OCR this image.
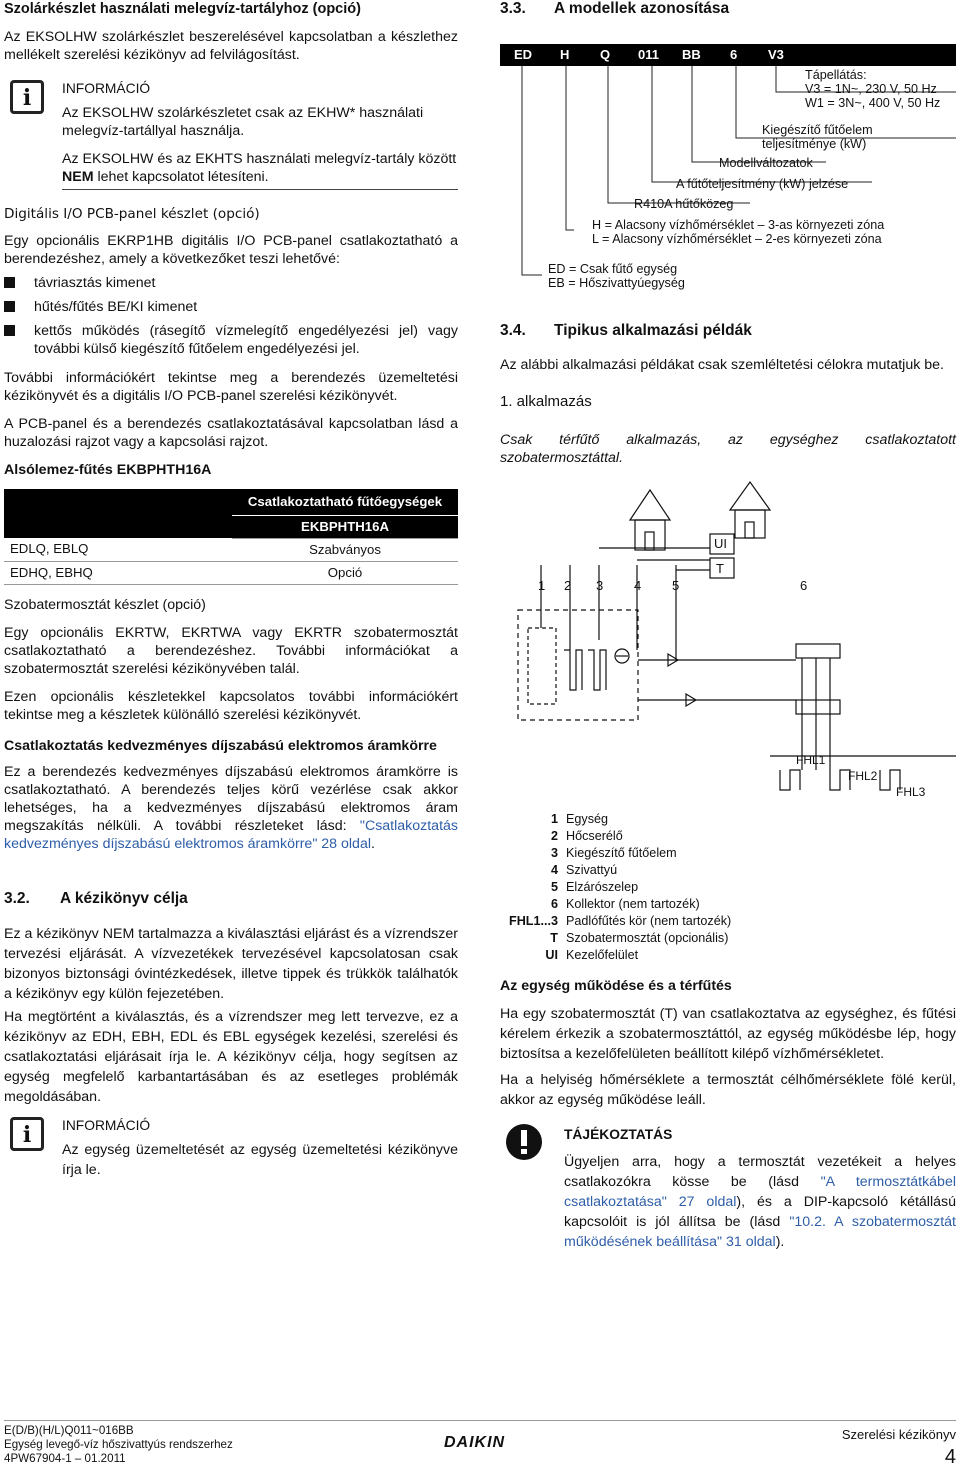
Szolárkészlet használati melegvíz-tartályhoz (opció)
Az EKSOLHW szolárkészlet beszerelésével kapcsolatban a készlethez mellékelt szerelési kézikönyv ad felvilágosítást.
i	INFORMÁCIÓ
Az EKSOLHW szolárkészletet csak az EKHW* használati melegvíz-tartállyal használja.
Az EKSOLHW és az EKHTS használati melegvíz-tartály között NEM lehet kapcsolatot létesíteni.
Digitális I/O PCB-panel készlet (opció)
Egy opcionális EKRP1HB digitális I/O PCB-panel csatlakoztatható a berendezéshez, amely a következőket teszi lehetővé:
távriasztás kimenet
hűtés/fűtés BE/KI kimenet
kettős működés (rásegítő vízmelegítő engedélyezési jel) vagy további külső kiegészítő fűtőelem engedélyezési jel.
További információkért tekintse meg a berendezés üzemeltetési kézikönyvét és a digitális I/O PCB-panel szerelési kézikönyvét.
A PCB-panel és a berendezés csatlakoztatásával kapcsolatban lásd a huzalozási rajzot vagy a kapcsolási rajzot.
Alsólemez-fűtés EKBPHTH16A
	Csatlakoztatható fűtőegységek
	EKBPHTH16A
EDLQ, EBLQ	Szabványos
EDHQ, EBHQ	Opció
Szobatermosztát készlet (opció)
Egy opcionális EKRTW, EKRTWA vagy EKRTR szobatermosztát csatlakoztatható a berendezéshez. További információkat a szobatermosztát szerelési kézikönyvében talál.
Ezen opcionális készletekkel kapcsolatos további információkért tekintse meg a készletek különálló szerelési kézikönyvét.
Csatlakoztatás kedvezményes díjszabású elektromos áramkörre
Ez a berendezés kedvezményes díjszabású elektromos áramkörre is csatlakoztatható. A berendezés teljes körű vezérlése csak akkor lehetséges, ha a kedvezményes díjszabású elektromos áram megszakítás nélküli. A további részleteket lásd: "Csatlakoztatás kedvezményes díjszabású elektromos áramkörre" 28 oldal.
3.2. A kézikönyv célja
Ez a kézikönyv NEM tartalmazza a kiválasztási eljárást és a vízrendszer tervezési eljárását. A vízvezetékek tervezésével kapcsolatosan csak bizonyos biztonsági óvintézkedések, illetve tippek és trükkök találhatók a kézikönyv egy külön fejezetében.
Ha megtörtént a kiválasztás, és a vízrendszer meg lett tervezve, ez a kézikönyv az EDH, EBH, EDL és EBL egységek kezelési, szerelési és csatlakoztatási eljárásait írja le. A kézikönyv célja, hogy segítsen az egység megfelelő karbantartásában és az esetleges problémák megoldásában.
i	INFORMÁCIÓ
Az egység üzemeltetését az egység üzemeltetési kézikönyve írja le.
3.3. A modellek azonosítása
ED H Q 011 BB 6 V3
Tápellátás:
V3 = 1N~, 230 V, 50 Hz
W1 = 3N~, 400 V, 50 Hz
Kiegészítő fűtőelem
teljesítménye (kW)
Modellváltozatok
A fűtőteljesítmény (kW) jelzése
R410A hűtőközeg
H = Alacsony vízhőmérséklet – 3-as környezeti zóna
L = Alacsony vízhőmérséklet – 2-es környezeti zóna
ED = Csak fűtő egység
EB = Hőszivattyúegység
3.4. Tipikus alkalmazási példák
Az alábbi alkalmazási példákat csak szemléltetési célokra mutatjuk be.
1. alkalmazás
Csak térfűtő alkalmazás, az egységhez csatlakoztatott szobatermosztáttal.
1 2 3 4 5	6
UI
T
FHL1
FHL2
FHL3
1 Egység
2 Hőcserélő
3 Kiegészítő fűtőelem
4 Szivattyú
5 Elzárószelep
6 Kollektor (nem tartozék)
FHL1...3 Padlófűtés kör (nem tartozék)
T Szobatermosztát (opcionális)
UI Kezelőfelület
Az egység működése és a térfűtés
Ha egy szobatermosztát (T) van csatlakoztatva az egységhez, és fűtési kérelem érkezik a szobatermosztáttól, az egység működésbe lép, hogy biztosítsa a kezelőfelületen beállított kilépő vízhőmérsékletet.
Ha a helyiség hőmérséklete a termosztát célhőmérséklete fölé kerül, akkor az egység működése leáll.
TÁJÉKOZTATÁS
Ügyeljen arra, hogy a termosztát vezetékeit a helyes csatlakozókra kösse be (lásd "A termosztátkábel csatlakoztatása" 27 oldal), és a DIP-kapcsoló kétállású kapcsolóit is jól állítsa be (lásd "10.2. A szobatermosztát működésének beállítása" 31 oldal).
E(D/B)(H/L)Q011~016BB
Egység levegő-víz hőszivattyús rendszerhez
4PW67904-1 – 01.2011
DAIKIN	Szerelési kézikönyv
4
